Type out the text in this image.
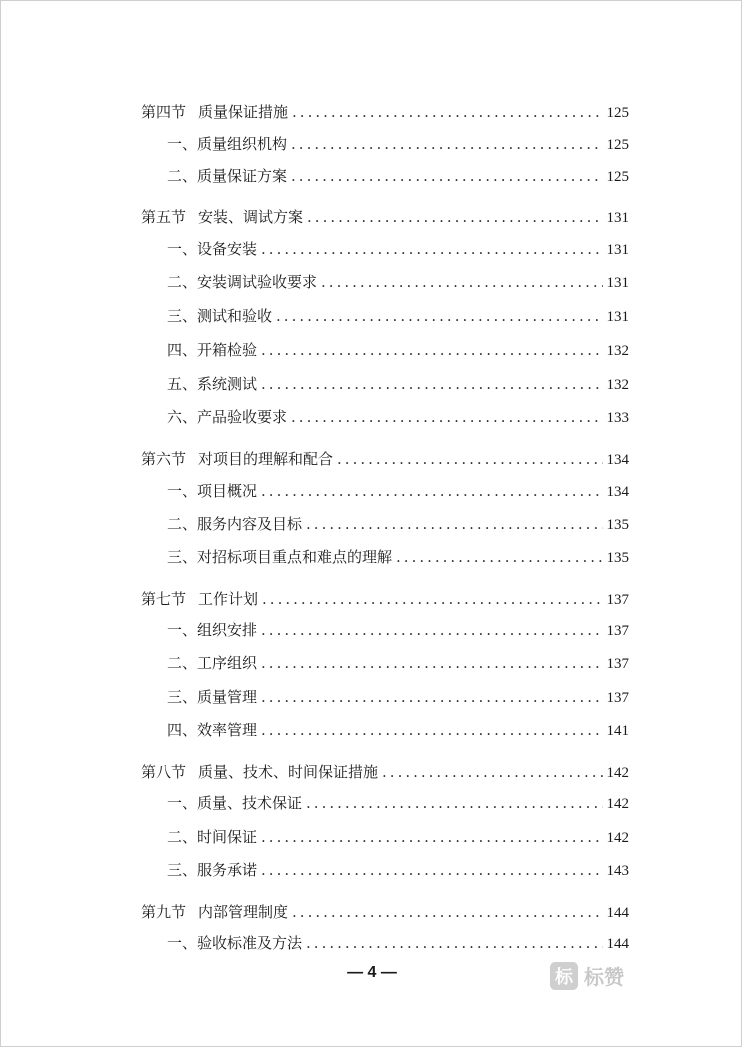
第四节 质量保证措施 .....	125
一、 质量组织机构 .....	125
二、 质量保证方案 .....	125
第五节 安装、调试方案 .....	131
一、 设备安装 .....	131
二、 安装调试验收要求 .....	131
三、 测试和验收 .....	131
四、 开箱检验 .....	132
五、 系统测试 .....	132
六、 产品验收要求 .....	133
第六节 对项目的理解和配合 .....	134
一、 项目概况 .....	134
二、 服务内容及目标 .....	135
三、 对招标项目重点和难点的理解 .....	135
第七节 工作计划 .....	137
一、 组织安排 .....	137
二、 工序组织 .....	137
三、 质量管理 .....	137
四、 效率管理 .....	141
第八节 质量、技术、时间保证措施 .....	142
一、 质量、技术保证 .....	142
二、 时间保证 .....	142
三、 服务承诺 .....	143
第九节 内部管理制度 .....	144
一、 验收标准及方法 .....	144
— 4 —	标 标赞
